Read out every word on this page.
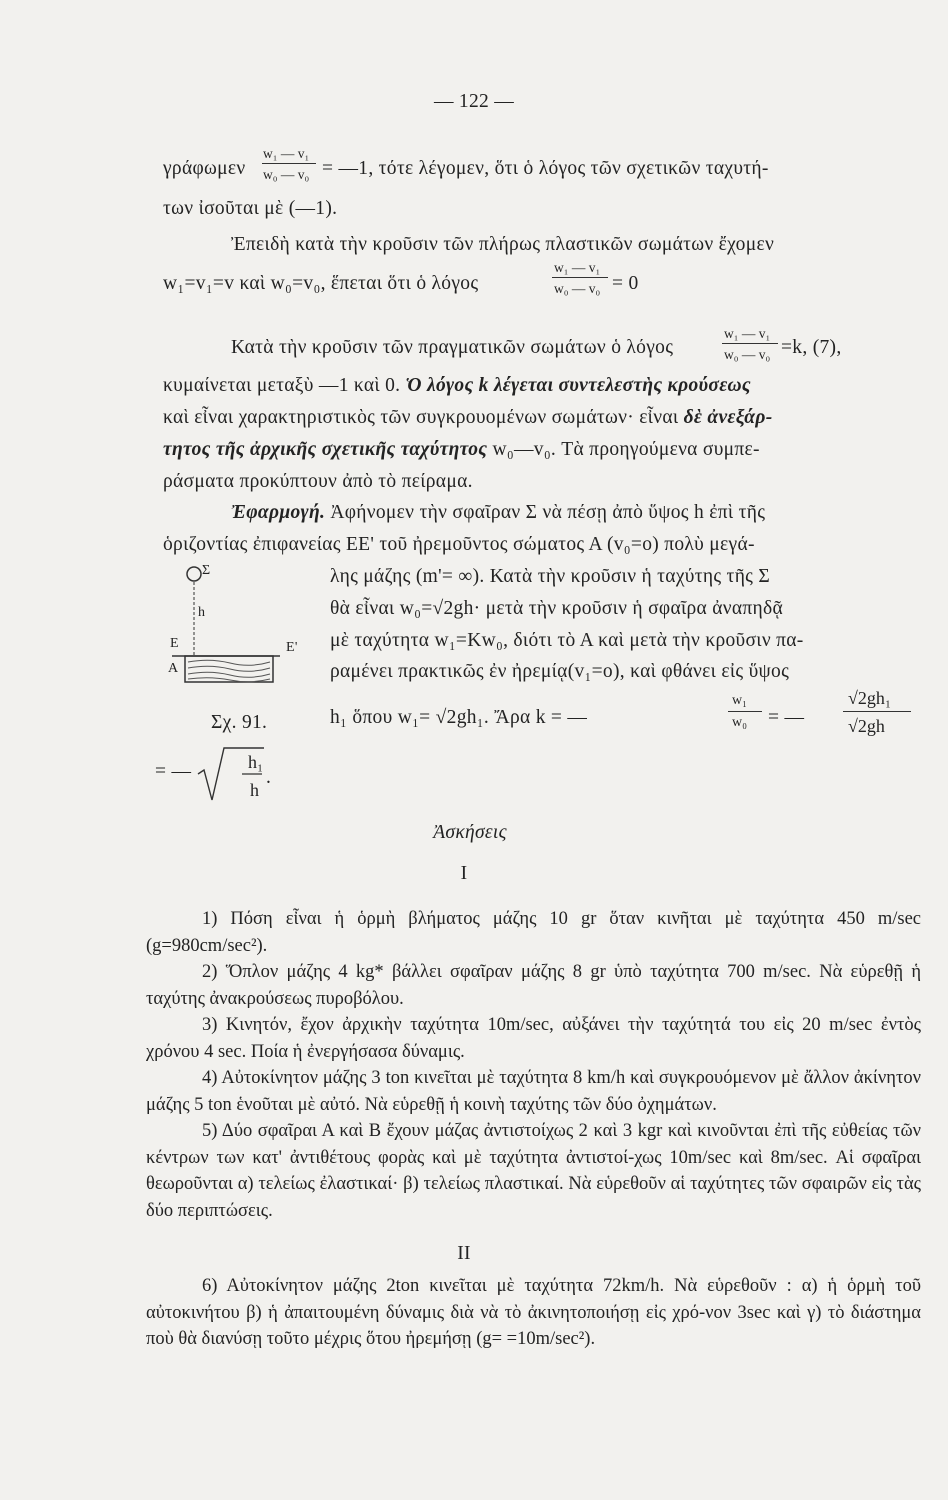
— 122 —
γράφωμεν
w₁ — v₁
w₀ — v₀ = —1, τότε λέγομεν, ὅτι ὁ λόγος τῶν σχετικῶν ταχυτή-
των ἰσοῦται μὲ (—1).
Ἐπειδὴ κατὰ τὴν κροῦσιν τῶν πλήρως πλαστικῶν σωμάτων ἔχομεν
w₁=v₁=v καὶ w₀=v₀, ἕπεται ὅτι ὁ λόγος
w₁ — v₁
w₀ — v₀ = 0
Κατὰ τὴν κροῦσιν τῶν πραγματικῶν σωμάτων ὁ λόγος
w₁ — v₁
w₀ — v₀ =k, (7),
κυμαίνεται μεταξὺ —1 καὶ 0. Ὁ λόγος k λέγεται συντελεστὴς κρούσεως
καὶ εἶναι χαρακτηριστικὸς τῶν συγκρουομένων σωμάτων· εἶναι δὲ ἀνεξάρ-
τητος τῆς ἀρχικῆς σχετικῆς ταχύτητος w₀—v₀. Τὰ προηγούμενα συμπε-
ράσματα προκύπτουν ἀπὸ τὸ πείραμα.
Ἐφαρμογή. Ἀφήνομεν τὴν σφαῖραν Σ νὰ πέσῃ ἀπὸ ὕψος h ἐπὶ τῆς
ὁριζοντίας ἐπιφανείας ΕΕ' τοῦ ἠρεμοῦντος σώματος Α (v₀=o) πολὺ μεγά-
λης μάζης (m'= ∞). Κατὰ τὴν κροῦσιν ἡ ταχύτης τῆς Σ
θὰ εἶναι w₀=√2gh· μετὰ τὴν κροῦσιν ἡ σφαῖρα ἀναπηδᾷ
μὲ ταχύτητα w₁=Kw₀, διότι τὸ Α καὶ μετὰ τὴν κροῦσιν πα-
ραμένει πρακτικῶς ἐν ἠρεμίᾳ(v₁=o), καὶ φθάνει εἰς ὕψος
h₁ ὅπου w₁= √2gh₁. Ἄρα k = —
w₁
w₀ = —
√2gh₁
√2gh
Σ
h
Ε	Ε'
Α
Σχ. 91.
= —	h₁
h
.
Ἀσκήσεις
I

1) Πόση εἶναι ἡ ὁρμὴ βλήματος μάζης 10 gr ὅταν κινῆται μὲ ταχύτητα 450 m/sec (g=980cm/sec²).

2) Ὅπλον μάζης 4 kg* βάλλει σφαῖραν μάζης 8 gr ὑπὸ ταχύτητα 700 m/sec. Νὰ εὑρεθῇ ἡ ταχύτης ἀνακρούσεως πυροβόλου.

3) Κινητόν, ἔχον ἀρχικὴν ταχύτητα 10m/sec, αὐξάνει τὴν ταχύτητά του εἰς 20 m/sec ἐντὸς χρόνου 4 sec. Ποία ἡ ἐνεργήσασα δύναμις.

4) Αὐτοκίνητον μάζης 3 ton κινεῖται μὲ ταχύτητα 8 km/h καὶ συγκρουόμενον μὲ ἄλλον ἀκίνητον μάζης 5 ton ἑνοῦται μὲ αὐτό. Νὰ εὑρεθῇ ἡ κοινὴ ταχύτης τῶν δύο ὀχημάτων.

5) Δύο σφαῖραι Α καὶ Β ἔχουν μάζας ἀντιστοίχως 2 καὶ 3 kgr καὶ κινοῦνται ἐπὶ τῆς εὐθείας τῶν κέντρων των κατ' ἀντιθέτους φορὰς καὶ μὲ ταχύτητα ἀντιστοί-χως 10m/sec καὶ 8m/sec. Αἱ σφαῖραι θεωροῦνται α) τελείως ἐλαστικαί· β) τελείως πλαστικαί. Νὰ εὑρεθοῦν αἱ ταχύτητες τῶν σφαιρῶν εἰς τὰς δύο περιπτώσεις.

II

6) Αὐτοκίνητον μάζης 2ton κινεῖται μὲ ταχύτητα 72km/h. Νὰ εὑρεθοῦν : α) ἡ ὁρμὴ τοῦ αὐτοκινήτου β) ἡ ἀπαιτουμένη δύναμις διὰ νὰ τὸ ἀκινητοποιήσῃ εἰς χρό-νον 3sec καὶ γ) τὸ διάστημα ποὺ θὰ διανύσῃ τοῦτο μέχρις ὅτου ἠρεμήσῃ (g= =10m/sec²).
